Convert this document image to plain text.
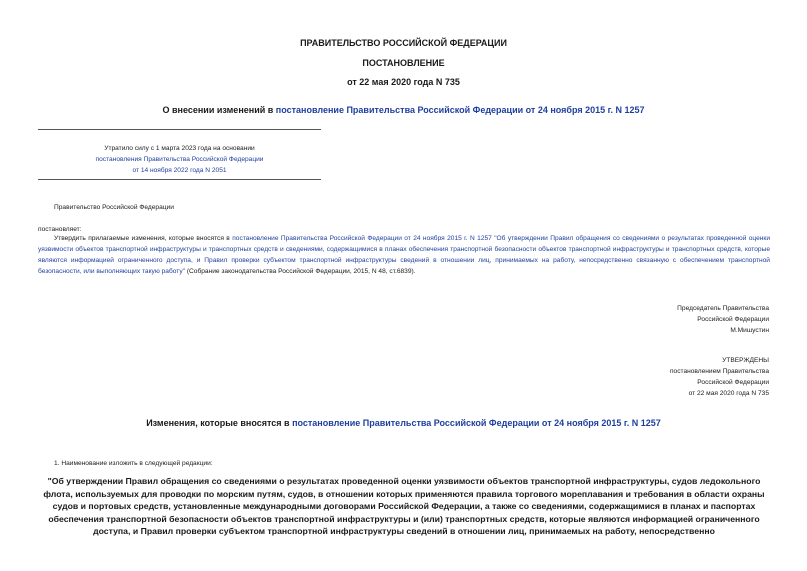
ПРАВИТЕЛЬСТВО РОССИЙСКОЙ ФЕДЕРАЦИИ
ПОСТАНОВЛЕНИЕ
от 22 мая 2020 года N 735
О внесении изменений в постановление Правительства Российской Федерации от 24 ноября 2015 г. N 1257
Утратило силу с 1 марта 2023 года на основании
постановления Правительства Российской Федерации
от 14 ноября 2022 года N 2051
Правительство Российской Федерации
постановляет:
Утвердить прилагаемые изменения, которые вносятся в постановление Правительства Российской Федерации от 24 ноября 2015 г. N 1257 "Об утверждении Правил обращения со сведениями о результатах проведенной оценки уязвимости объектов транспортной инфраструктуры и транспортных средств и сведениями, содержащимися в планах обеспечения транспортной безопасности объектов транспортной инфраструктуры и транспортных средств, которые являются информацией ограниченного доступа, и Правил проверки субъектом транспортной инфраструктуры сведений в отношении лиц, принимаемых на работу, непосредственно связанную с обеспечением транспортной безопасности, или выполняющих такую работу" (Собрание законодательства Российской Федерации, 2015, N 48, ст.6839).
Председатель Правительства
Российской Федерации
М.Мишустин
УТВЕРЖДЕНЫ
постановлением Правительства
Российской Федерации
от 22 мая 2020 года N 735
Изменения, которые вносятся в постановление Правительства Российской Федерации от 24 ноября 2015 г. N 1257
1. Наименование изложить в следующей редакции:
"Об утверждении Правил обращения со сведениями о результатах проведенной оценки уязвимости объектов транспортной инфраструктуры, судов ледокольного флота, используемых для проводки по морским путям, судов, в отношении которых применяются правила торгового мореплавания и требования в области охраны судов и портовых средств, установленные международными договорами Российской Федерации, а также со сведениями, содержащимися в планах и паспортах обеспечения транспортной безопасности объектов транспортной инфраструктуры и (или) транспортных средств, которые являются информацией ограниченного доступа, и Правил проверки субъектом транспортной инфраструктуры сведений в отношении лиц, принимаемых на работу, непосредственно
